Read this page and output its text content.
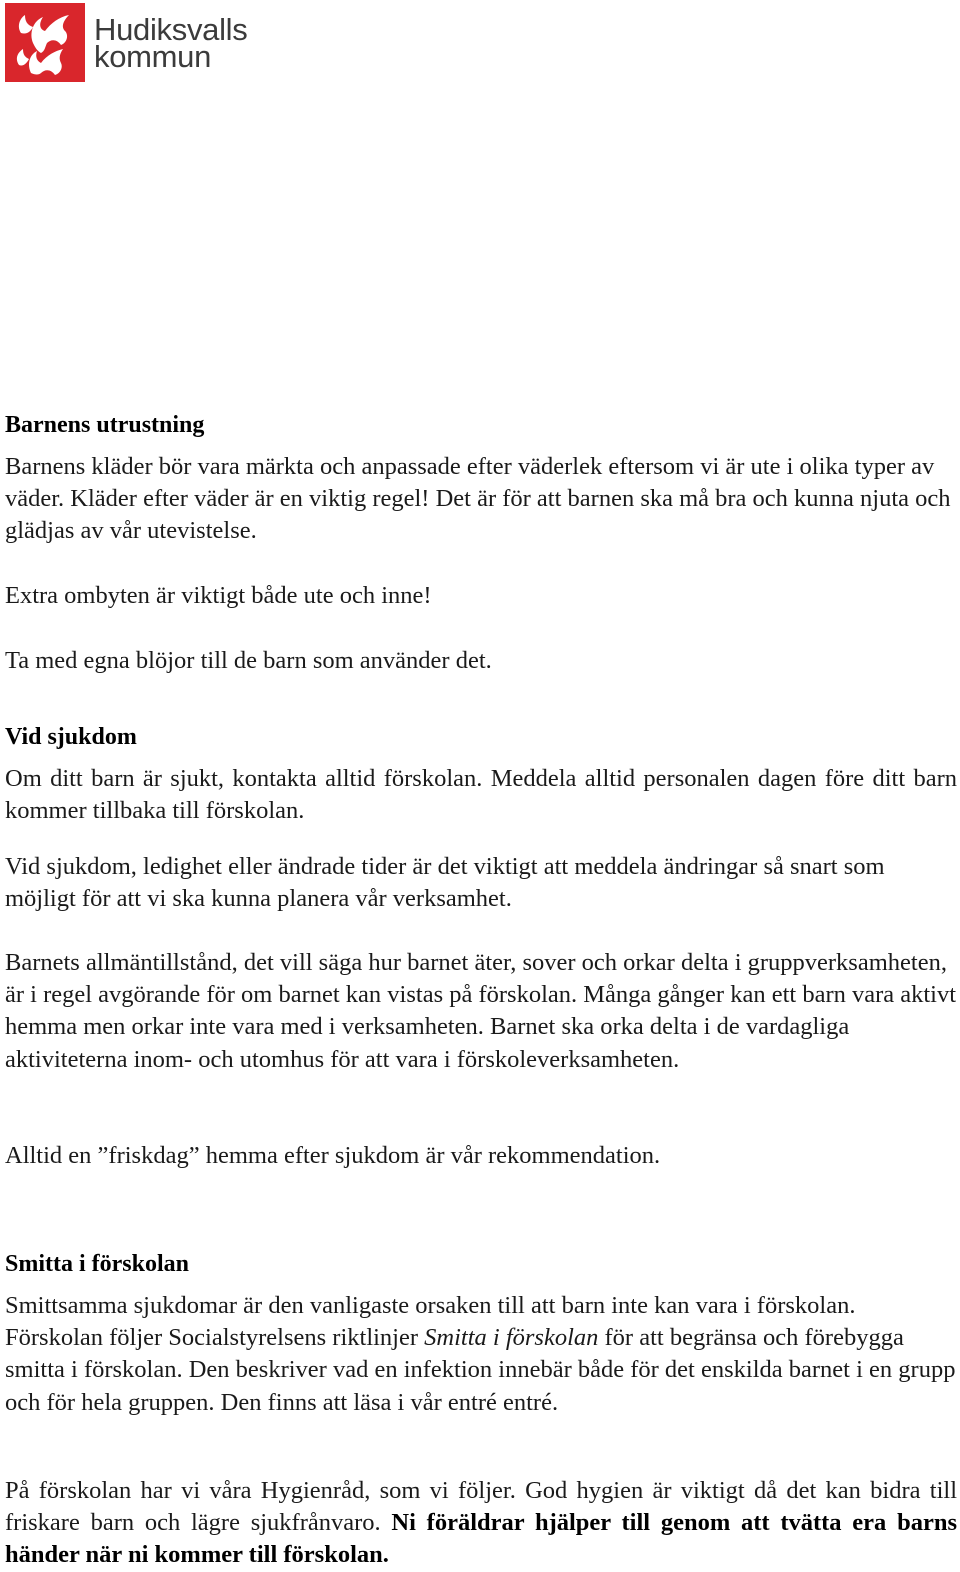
Hudiksvalls
kommun
Barnens utrustning
Barnens kläder bör vara märkta och anpassade efter väderlek eftersom vi är ute i olika typer av väder. Kläder efter väder är en viktig regel! Det är för att barnen ska må bra och kunna njuta och glädjas av vår utevistelse.
Extra ombyten är viktigt både ute och inne!
Ta med egna blöjor till de barn som använder det.
Vid sjukdom
Om ditt barn är sjukt, kontakta alltid förskolan. Meddela alltid personalen dagen före ditt barn kommer tillbaka till förskolan.
Vid sjukdom, ledighet eller ändrade tider är det viktigt att meddela ändringar så snart som möjligt för att vi ska kunna planera vår verksamhet.
Barnets allmäntillstånd, det vill säga hur barnet äter, sover och orkar delta i gruppverksamheten, är i regel avgörande för om barnet kan vistas på förskolan. Många gånger kan ett barn vara aktivt hemma men orkar inte vara med i verksamheten. Barnet ska orka delta i de vardagliga aktiviteterna inom- och utomhus för att vara i förskoleverksamheten.
Alltid en ”friskdag” hemma efter sjukdom är vår rekommendation.
Smitta i förskolan
Smittsamma sjukdomar är den vanligaste orsaken till att barn inte kan vara i förskolan. Förskolan följer Socialstyrelsens riktlinjer Smitta i förskolan för att begränsa och förebygga smitta i förskolan. Den beskriver vad en infektion innebär både för det enskilda barnet i en grupp och för hela gruppen. Den finns att läsa i vår entré entré.
På förskolan har vi våra Hygienråd, som vi följer. God hygien är viktigt då det kan bidra till friskare barn och lägre sjukfrånvaro. Ni föräldrar hjälper till genom att tvätta era barns händer när ni kommer till förskolan.
